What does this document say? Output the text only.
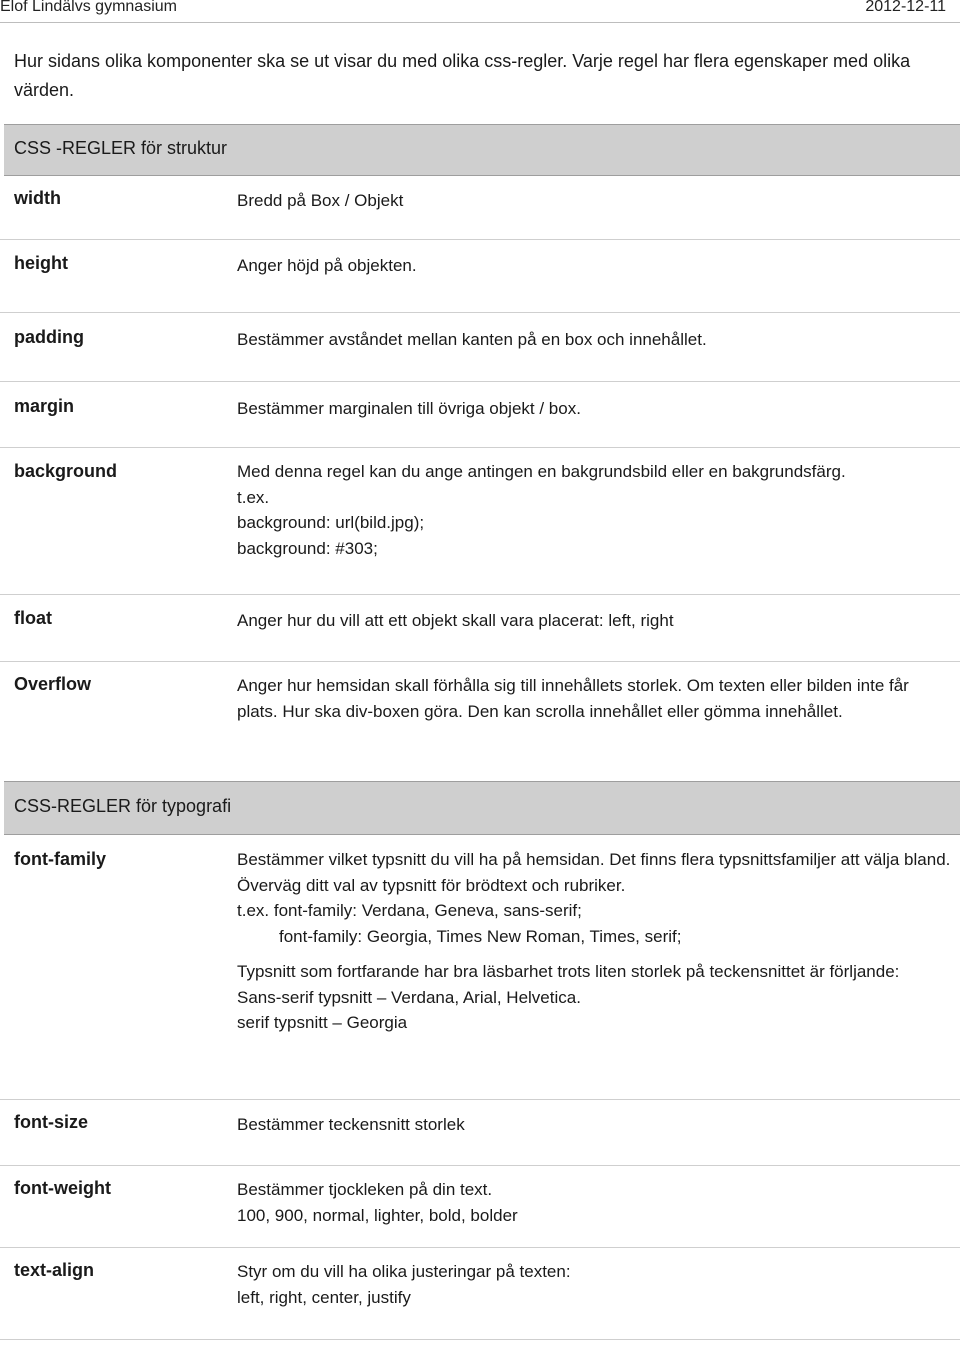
Elof Lindälvs gymnasium	2012-12-11
Hur sidans olika komponenter ska se ut visar du med olika css-regler. Varje regel har flera egenskaper med olika värden.
CSS -REGLER för struktur
width	Bredd på Box / Objekt

height	Anger höjd på objekten.

padding	Bestämmer avståndet mellan kanten på en box och innehållet.

margin	Bestämmer marginalen till övriga objekt / box.

background	Med denna regel kan du ange antingen en bakgrundsbild eller en bakgrundsfärg.

t.ex.

background: url(bild.jpg);

background: #303;

float	Anger hur du vill att ett objekt skall vara placerat: left, right

Overflow	Anger hur hemsidan skall förhålla sig till innehållets storlek. Om texten eller bilden inte får plats. Hur ska div-boxen göra. Den kan scrolla innehållet eller gömma innehållet.

CSS-REGLER för typografi
font-family	Bestämmer vilket typsnitt du vill ha på hemsidan. Det finns flera typsnittsfamiljer att välja bland. Överväg ditt val av typsnitt för brödtext och rubriker.

t.ex. font-family: Verdana, Geneva, sans-serif;

font-family: Georgia, Times New Roman, Times, serif;

Typsnitt som fortfarande har bra läsbarhet trots liten storlek på teckensnittet är förljande:

Sans-serif typsnitt – Verdana, Arial, Helvetica.

serif typsnitt – Georgia

font-size	Bestämmer teckensnitt storlek

font-weight	Bestämmer tjockleken på din text.

100, 900, normal, lighter, bold, bolder

text-align	Styr om du vill ha olika justeringar på texten:

left, right, center, justify
